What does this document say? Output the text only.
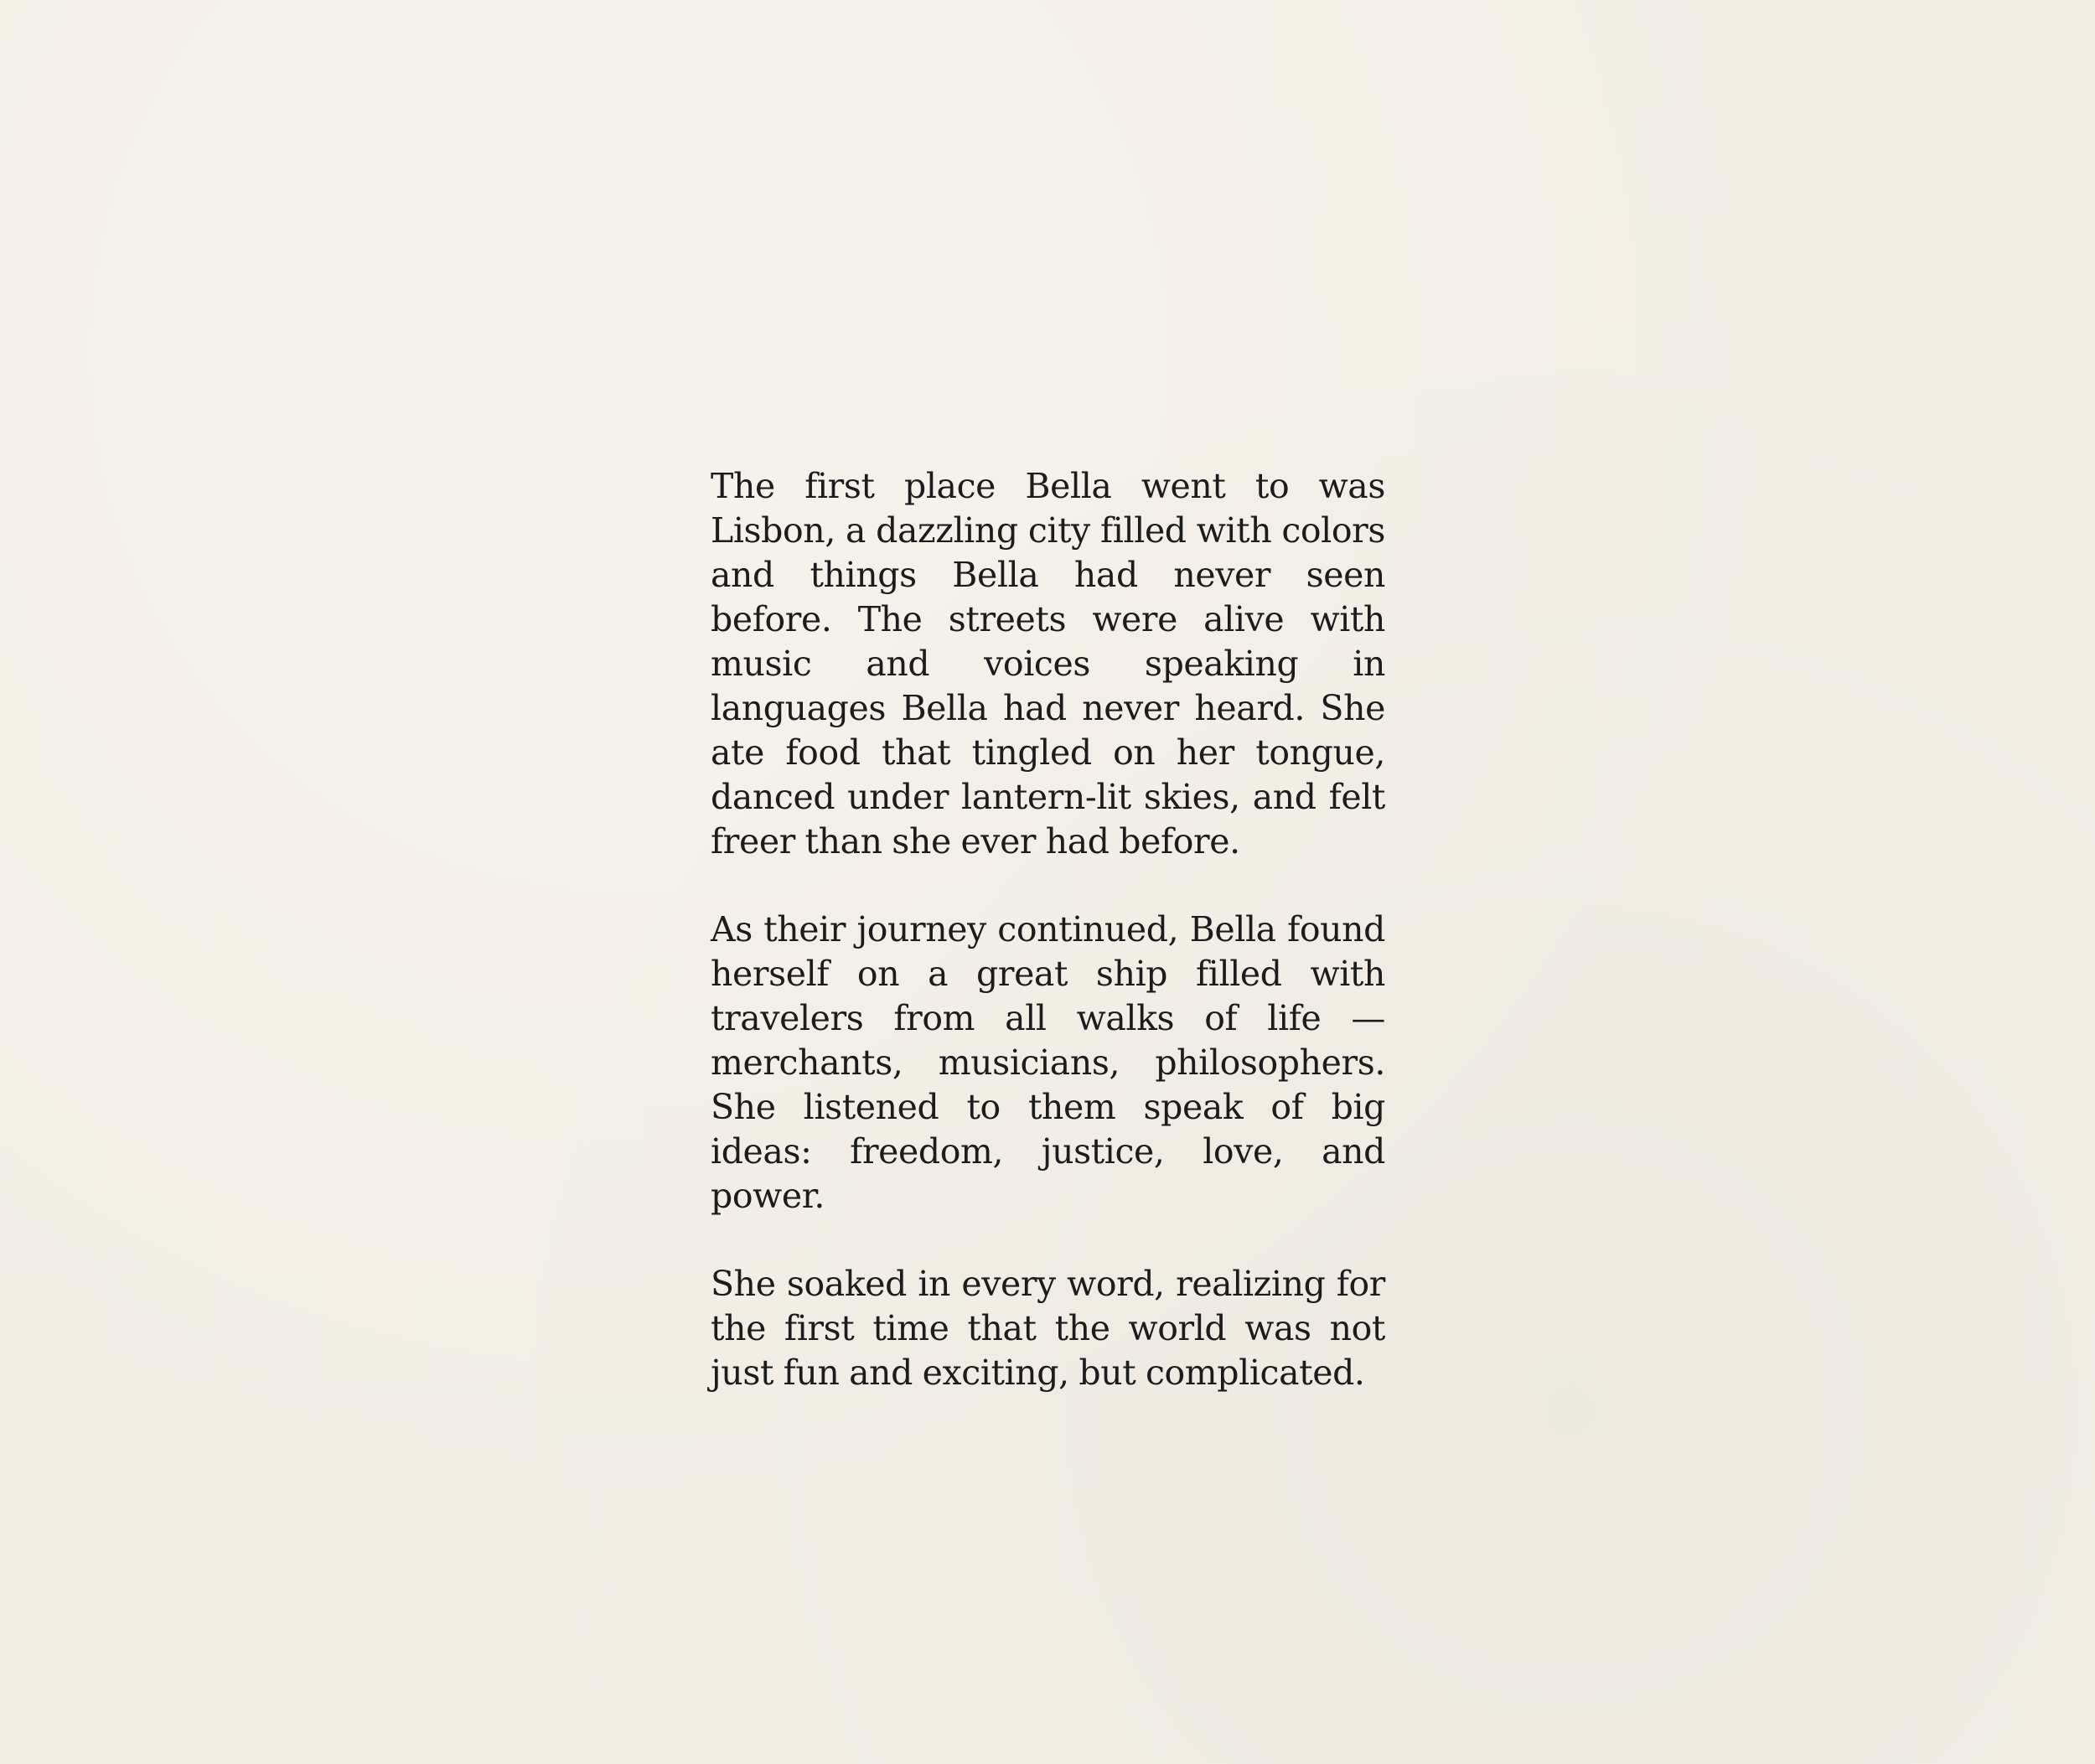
The first place Bella went to was Lisbon, a dazzling city filled with colors and things Bella had never seen before. The streets were alive with music and voices speaking in languages Bella had never heard. She ate food that tingled on her tongue, danced under lantern-lit skies, and felt freer than she ever had before.

As their journey continued, Bella found herself on a great ship filled with travelers from all walks of life — merchants, musicians, philosophers. She listened to them speak of big ideas: freedom, justice, love, and power.

She soaked in every word, realizing for the first time that the world was not just fun and exciting, but complicated.
